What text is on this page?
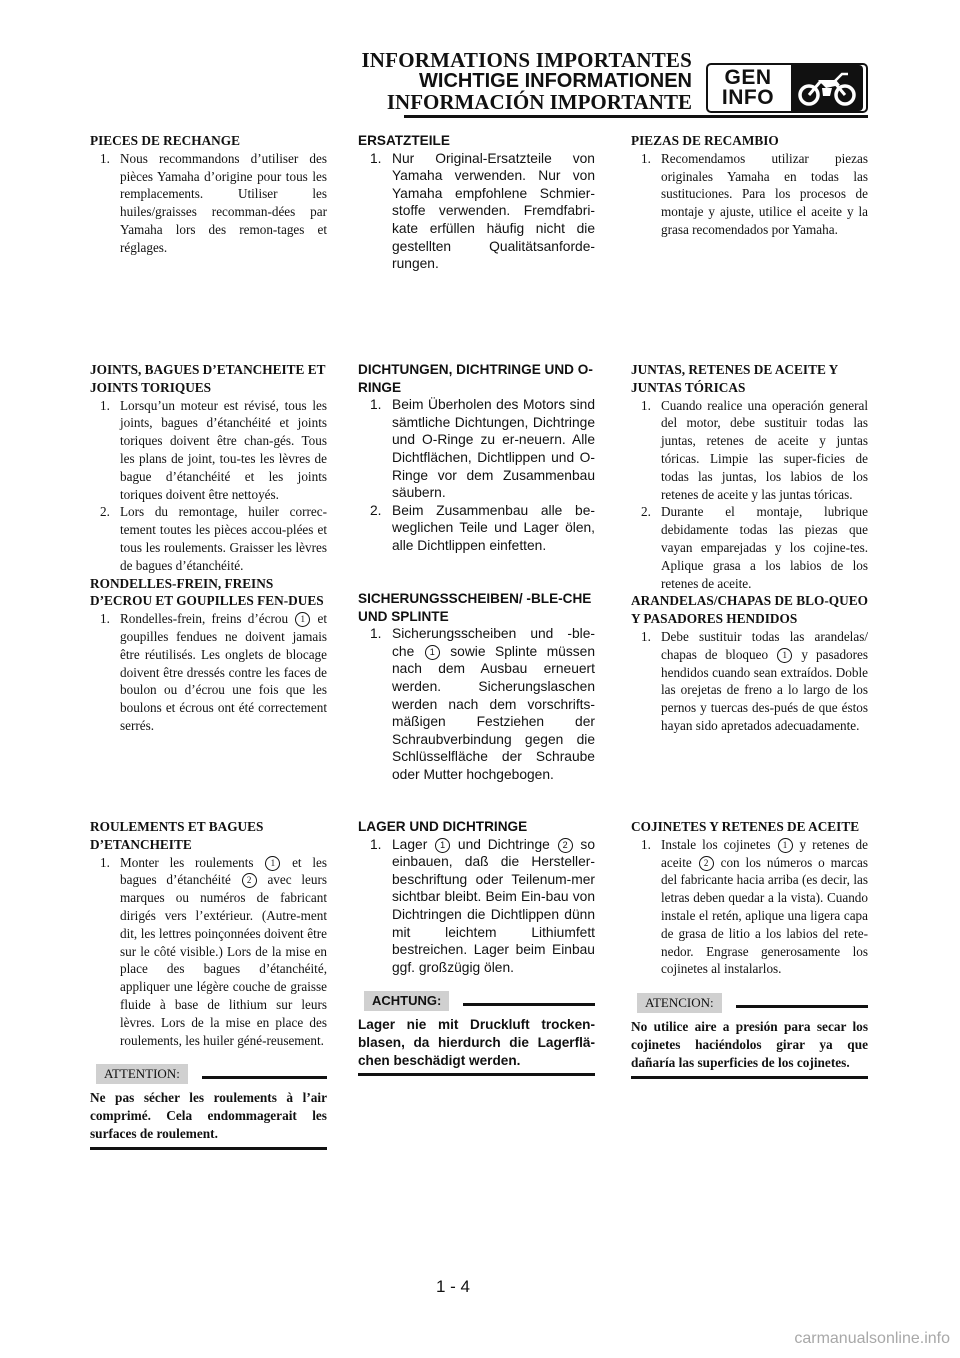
INFORMATIONS IMPORTANTES
WICHTIGE INFORMATIONEN
INFORMACIÓN IMPORTANTE
GEN
INFO
PIECES DE RECHANGE
1. Nous recommandons d’utiliser des pièces Yamaha d’origine pour tous les remplacements. Utiliser les huiles/graisses recomman-dées par Yamaha lors des remon-tages et réglages.
JOINTS, BAGUES D’ETANCHEITE ET JOINTS TORIQUES
1. Lorsqu’un moteur est révisé, tous les joints, bagues d’étanchéité et joints toriques doivent être chan-gés. Tous les plans de joint, tou-tes les lèvres de bague d’étanchéité et les joints toriques doivent être nettoyés.
2. Lors du remontage, huiler correc-tement toutes les pièces accou-plées et tous les roulements. Graisser les lèvres de bagues d’étanchéité.
RONDELLES-FREIN, FREINS D’ECROU ET GOUPILLES FEN-DUES
1. Rondelles-frein, freins d’écrou 1 et goupilles fendues ne doivent jamais être réutilisés. Les onglets de blocage doivent être dressés contre les faces de boulon ou d’écrou une fois que les boulons et écrous ont été correctement serrés.
ROULEMENTS ET BAGUES D’ETANCHEITE
1. Monter les roulements 1 et les bagues d’étanchéité 2 avec leurs marques ou numéros de fabricant dirigés vers l’extérieur. (Autre-ment dit, les lettres poinçonnées doivent être sur le côté visible.) Lors de la mise en place des bagues d’étanchéité, appliquer une légère couche de graisse fluide à base de lithium sur leurs lèvres. Lors de la mise en place des roulements, les huiler géné-reusement.
ATTENTION:
Ne pas sécher les roulements à l’air comprimé. Cela endommagerait les surfaces de roulement.
ERSATZTEILE
1. Nur Original-Ersatzteile von Yamaha verwenden. Nur von Yamaha empfohlene Schmier-stoffe verwenden. Fremdfabri-kate erfüllen häufig nicht die gestellten Qualitätsanforde-rungen.
DICHTUNGEN, DICHTRINGE UND O-RINGE
1. Beim Überholen des Motors sind sämtliche Dichtungen, Dichtringe und O-Ringe zu er-neuern. Alle Dichtflächen, Dichtlippen und O-Ringe vor dem Zusammenbau säubern.
2. Beim Zusammenbau alle be-weglichen Teile und Lager ölen, alle Dichtlippen einfetten.
SICHERUNGSSCHEIBEN/ -BLE-CHE UND SPLINTE
1. Sicherungsscheiben und -ble-che 1 sowie Splinte müssen nach dem Ausbau erneuert werden. Sicherungslaschen werden nach dem vorschrifts-mäßigen Festziehen der Schraubverbindung gegen die Schlüsselfläche der Schraube oder Mutter hochgebogen.
LAGER UND DICHTRINGE
1. Lager 1 und Dichtringe 2 so einbauen, daß die Hersteller-beschriftung oder Teilenum-mer sichtbar bleibt. Beim Ein-bau von Dichtringen die Dichtlippen dünn mit leichtem Lithiumfett bestreichen. Lager beim Einbau ggf. großzügig ölen.
ACHTUNG:
Lager nie mit Druckluft trocken-blasen, da hierdurch die Lagerflä-chen beschädigt werden.
PIEZAS DE RECAMBIO
1. Recomendamos utilizar piezas originales Yamaha en todas las sustituciones. Para los procesos de montaje y ajuste, utilice el aceite y la grasa recomendados por Yamaha.
JUNTAS, RETENES DE ACEITE Y JUNTAS TÓRICAS
1. Cuando realice una operación general del motor, debe sustituir todas las juntas, retenes de aceite y juntas tóricas. Limpie las super-ficies de todas las juntas, los labios de los retenes de aceite y las juntas tóricas.
2. Durante el montaje, lubrique debidamente todas las piezas que vayan emparejadas y los cojine-tes. Aplique grasa a los labios de los retenes de aceite.
ARANDELAS/CHAPAS DE BLO-QUEO Y PASADORES HENDIDOS
1. Debe sustituir todas las arandelas/ chapas de bloqueo 1 y pasadores hendidos cuando sean extraídos. Doble las orejetas de freno a lo largo de los pernos y tuercas des-pués de que éstos hayan sido apretados adecuadamente.
COJINETES Y RETENES DE ACEITE
1. Instale los cojinetes 1 y retenes de aceite 2 con los números o marcas del fabricante hacia arriba (es decir, las letras deben quedar a la vista). Cuando instale el retén, aplique una ligera capa de grasa de litio a los labios del rete-nedor. Engrase generosamente los cojinetes al instalarlos.
ATENCION:
No utilice aire a presión para secar los cojinetes haciéndolos girar ya que dañaría las superficies de los cojinetes.
1 - 4
carmanualsonline.info
